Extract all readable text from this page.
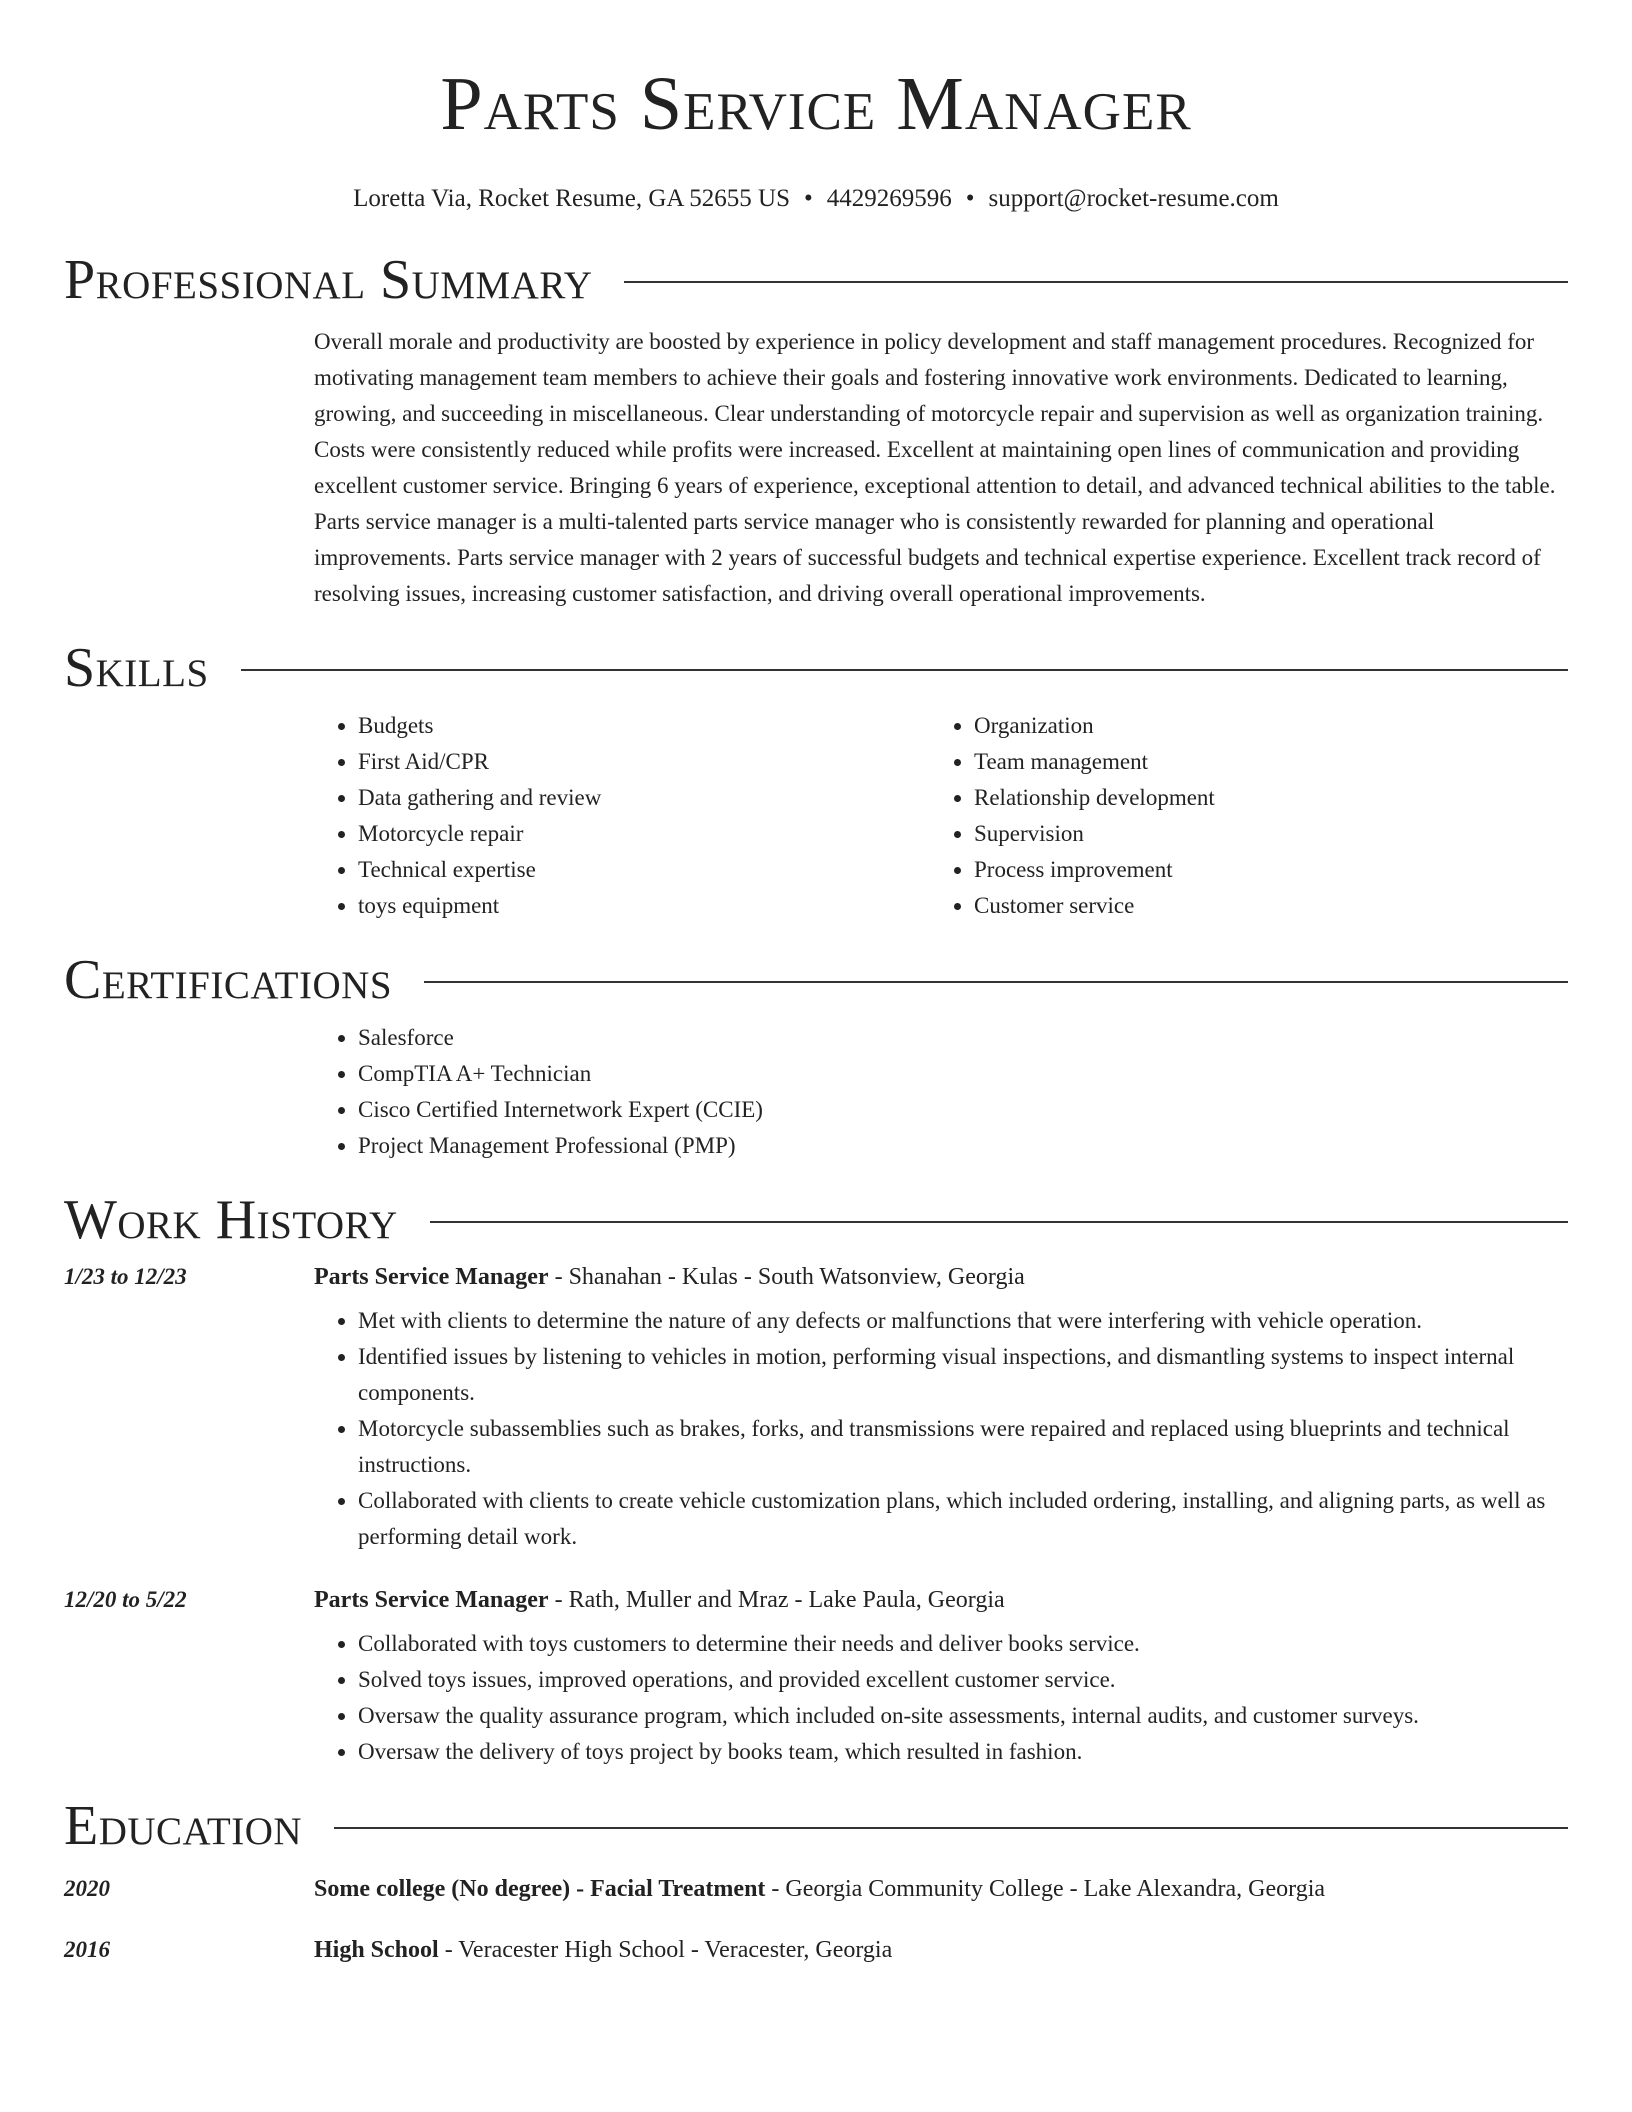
Parts Service Manager
Loretta Via, Rocket Resume, GA 52655 US • 4429269596 • support@rocket-resume.com
Professional Summary

Overall morale and productivity are boosted by experience in policy development and staff management procedures. Recognized for motivating management team members to achieve their goals and fostering innovative work environments. Dedicated to learning, growing, and succeeding in miscellaneous. Clear understanding of motorcycle repair and supervision as well as organization training. Costs were consistently reduced while profits were increased. Excellent at maintaining open lines of communication and providing excellent customer service. Bringing 6 years of experience, exceptional attention to detail, and advanced technical abilities to the table. Parts service manager is a multi-talented parts service manager who is consistently rewarded for planning and operational improvements. Parts service manager with 2 years of successful budgets and technical expertise experience. Excellent track record of resolving issues, increasing customer satisfaction, and driving overall operational improvements.

Skills
• Budgets
• First Aid/CPR
• Data gathering and review
• Motorcycle repair
• Technical expertise
• toys equipment
• Organization
• Team management
• Relationship development
• Supervision
• Process improvement
• Customer service
Certifications
• Salesforce
• CompTIA A+ Technician
• Cisco Certified Internetwork Expert (CCIE)
• Project Management Professional (PMP)
Work History
1/23 to 12/23	Parts Service Manager - Shanahan - Kulas - South Watsonview, Georgia
• Met with clients to determine the nature of any defects or malfunctions that were interfering with vehicle operation.
• Identified issues by listening to vehicles in motion, performing visual inspections, and dismantling systems to inspect internal components.
• Motorcycle subassemblies such as brakes, forks, and transmissions were repaired and replaced using blueprints and technical instructions.
• Collaborated with clients to create vehicle customization plans, which included ordering, installing, and aligning parts, as well as performing detail work.
12/20 to 5/22	Parts Service Manager - Rath, Muller and Mraz - Lake Paula, Georgia
• Collaborated with toys customers to determine their needs and deliver books service.
• Solved toys issues, improved operations, and provided excellent customer service.
• Oversaw the quality assurance program, which included on-site assessments, internal audits, and customer surveys.
• Oversaw the delivery of toys project by books team, which resulted in fashion.
Education
2020	Some college (No degree) - Facial Treatment - Georgia Community College - Lake Alexandra, Georgia
2016	High School - Veracester High School - Veracester, Georgia
